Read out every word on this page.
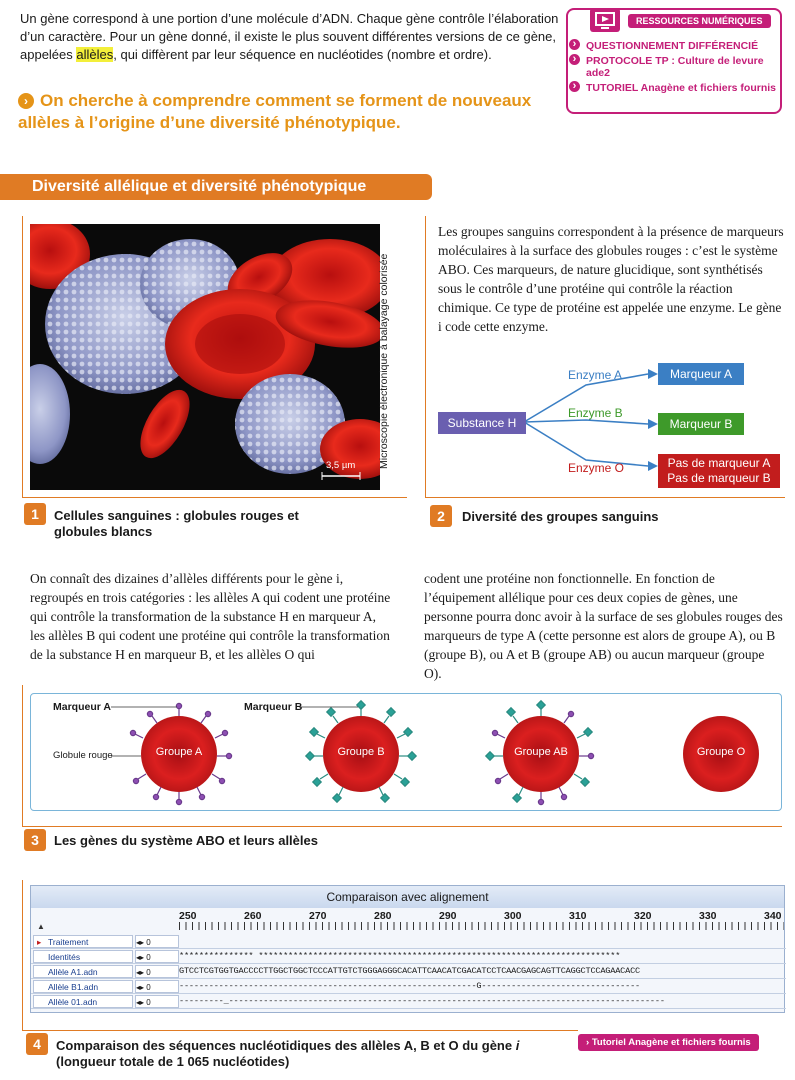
Un gène correspond à une portion d’une molécule d’ADN. Chaque gène contrôle l’élaboration d’un caractère. Pour un gène donné, il existe le plus souvent différentes versions de ce gène, appelées allèles, qui diffèrent par leur séquence en nucléotides (nombre et ordre).
› On cherche à comprendre comment se forment de nouveaux allèles à l’origine d’une diversité phénotypique.
RESSOURCES NUMÉRIQUES
› QUESTIONNEMENT DIFFÉRENCIÉ
› PROTOCOLE TP : Culture de levure ade2
› TUTORIEL Anagène et fichiers fournis
Diversité allélique et diversité phénotypique
3,5 µm Microscopie électronique à balayage colorisée
1	Cellules sanguines : globules rouges et globules blancs
Les groupes sanguins correspondent à la présence de marqueurs moléculaires à la surface des globules rouges : c’est le système ABO. Ces marqueurs, de nature glucidique, sont synthétisés sous le contrôle d’une protéine qui contrôle la réaction chimique. Ce type de protéine est appelée une enzyme. Le gène i code cette enzyme.
Substance H
Enzyme A
Enzyme B
Enzyme O
Marqueur A
Marqueur B
Pas de marqueur A
Pas de marqueur B
2	Diversité des groupes sanguins
On connaît des dizaines d’allèles différents pour le gène i, regroupés en trois catégories : les allèles A qui codent une protéine qui contrôle la transformation de la substance H en marqueur A, les allèles B qui codent une protéine qui contrôle la transformation de la substance H en marqueur B, et les allèles O qui
codent une protéine non fonctionnelle. En fonction de l’équipement allélique pour ces deux copies de gènes, une personne pourra donc avoir à la surface de ses globules rouges des marqueurs de type A (cette personne est alors de groupe A), ou B (groupe B), ou A et B (groupe AB) ou aucun marqueur (groupe O).
Marqueur A	Marqueur B
Globule rouge	Groupe A	Groupe B	Groupe AB	Groupe O
3	Les gènes du système ABO et leurs allèles
Comparaison avec alignement
250	260	270	280	290	300	310	320	330	340
▲
▸ Traitement	◂▸ 0
Identités	◂▸ 0	*************** *************************************************************************
Allèle A1.adn	◂▸ 0	GTCCTCGTGGTGACCCCTTGGCTGGCTCCCATTGTCTGGGAGGGCACATTCAACATCGACATCCTCAACGAGCAGTTCAGGCTCCAGAACACC
Allèle B1.adn	◂▸ 0	------------------------------------------------------------G--------------------------------
Allèle 01.adn	◂▸ 0	---------_----------------------------------------------------------------------------------------
4	Comparaison des séquences nucléotidiques des allèles A, B et O du gène i (longueur totale de 1 065 nucléotides)
› Tutoriel Anagène et fichiers fournis
